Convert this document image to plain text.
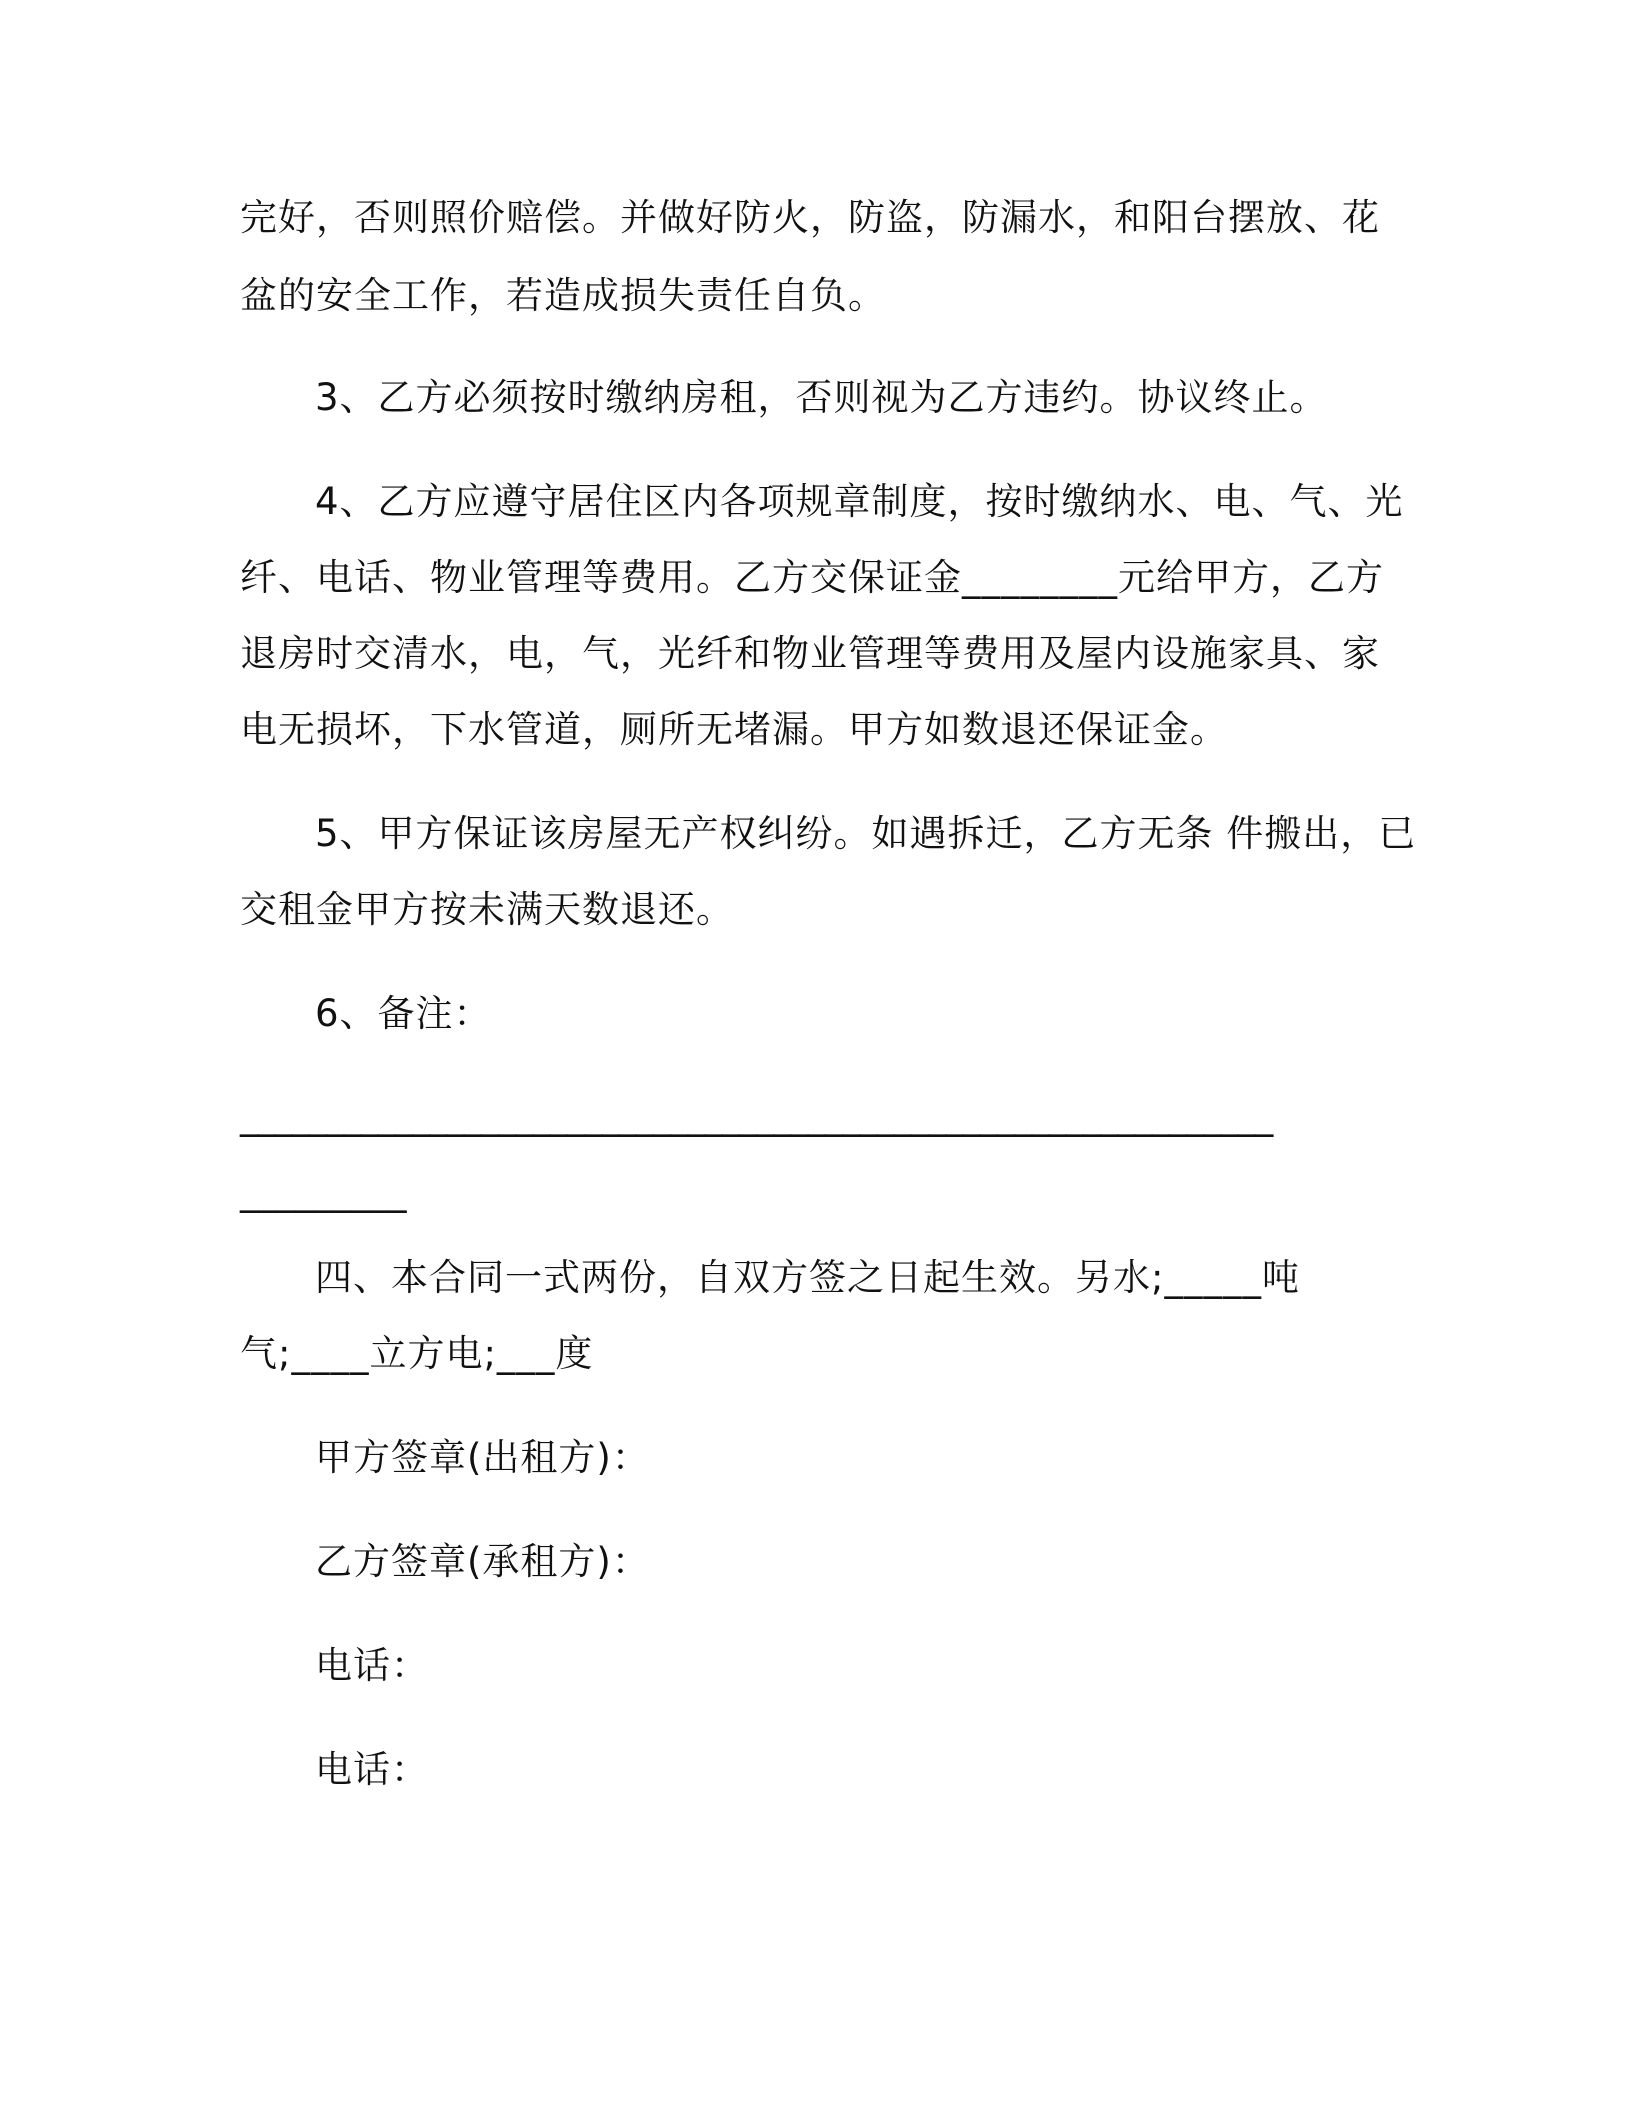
完好，否则照价赔偿。并做好防火，防盗，防漏水，和阳台摆放、花
盆的安全工作，若造成损失责任自负。
3、乙方必须按时缴纳房租，否则视为乙方违约。协议终止。
4、乙方应遵守居住区内各项规章制度，按时缴纳水、电、气、光
纤、电话、物业管理等费用。乙方交保证金________元给甲方，乙方
退房时交清水，电，气，光纤和物业管理等费用及屋内设施家具、家
电无损坏，下水管道，厕所无堵漏。甲方如数退还保证金。
5、甲方保证该房屋无产权纠纷。如遇拆迁，乙方无条 件搬出，已
交租金甲方按未满天数退还。
6、备注：
____________________________________________________________
_________
四、本合同一式两份，自双方签之日起生效。另水;_____吨
气;____立方电;___度
甲方签章(出租方)：
乙方签章(承租方)：
电话：
电话：
